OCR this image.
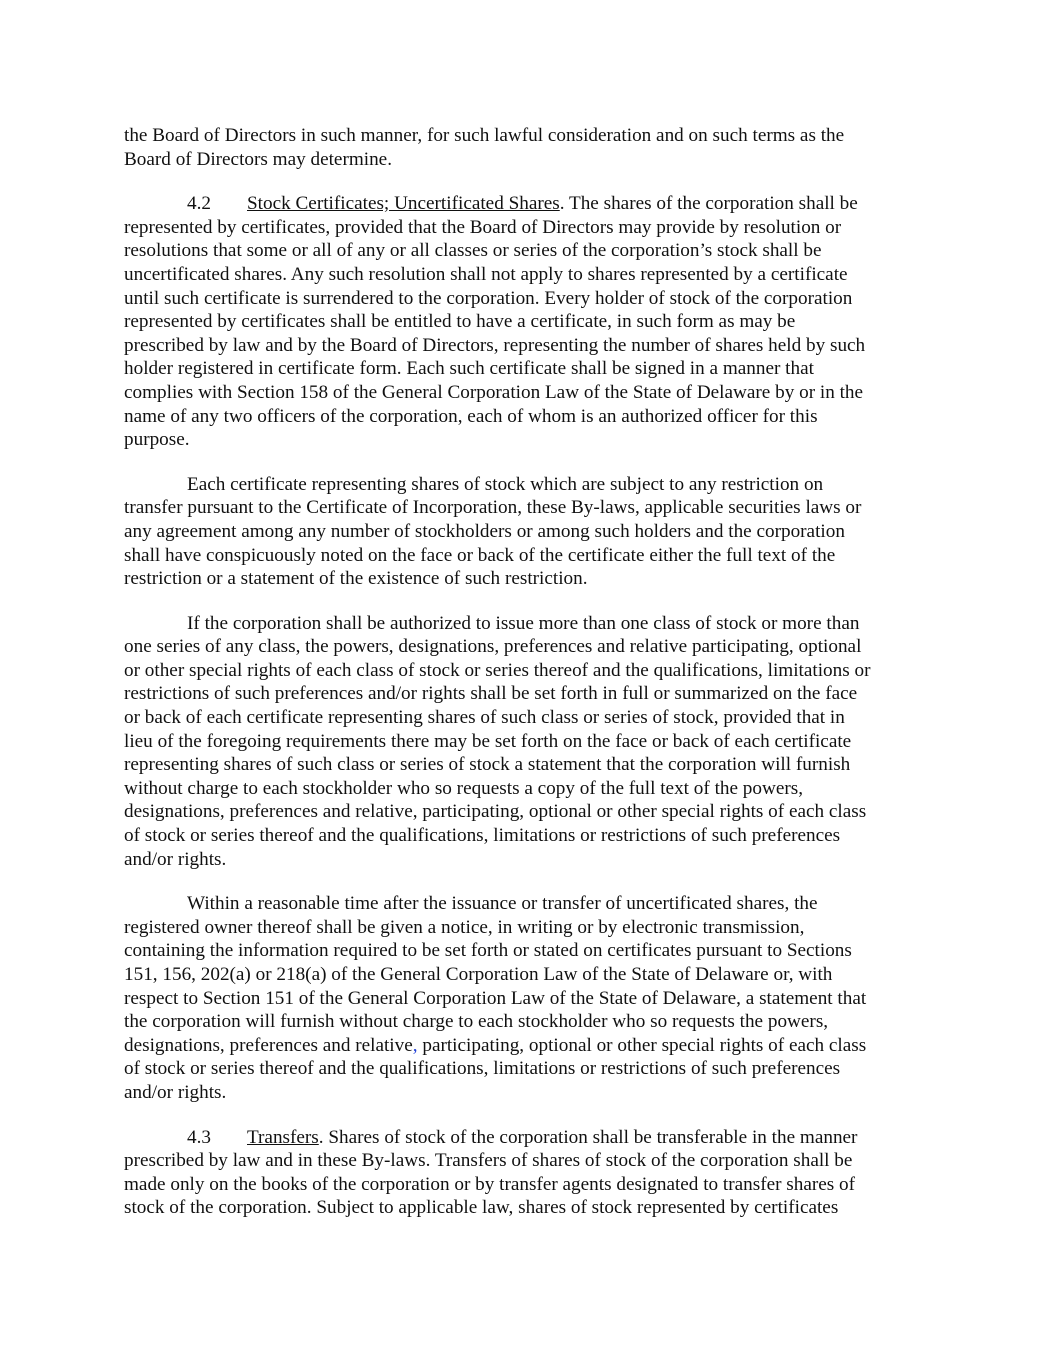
the Board of Directors in such manner, for such lawful consideration and on such terms as the
Board of Directors may determine.
4.2 Stock Certificates; Uncertificated Shares. The shares of the corporation shall be
represented by certificates, provided that the Board of Directors may provide by resolution or
resolutions that some or all of any or all classes or series of the corporation’s stock shall be
uncertificated shares. Any such resolution shall not apply to shares represented by a certificate
until such certificate is surrendered to the corporation. Every holder of stock of the corporation
represented by certificates shall be entitled to have a certificate, in such form as may be
prescribed by law and by the Board of Directors, representing the number of shares held by such
holder registered in certificate form. Each such certificate shall be signed in a manner that
complies with Section 158 of the General Corporation Law of the State of Delaware by or in the
name of any two officers of the corporation, each of whom is an authorized officer for this
purpose.
Each certificate representing shares of stock which are subject to any restriction on
transfer pursuant to the Certificate of Incorporation, these By-laws, applicable securities laws or
any agreement among any number of stockholders or among such holders and the corporation
shall have conspicuously noted on the face or back of the certificate either the full text of the
restriction or a statement of the existence of such restriction.
If the corporation shall be authorized to issue more than one class of stock or more than
one series of any class, the powers, designations, preferences and relative participating, optional
or other special rights of each class of stock or series thereof and the qualifications, limitations or
restrictions of such preferences and/or rights shall be set forth in full or summarized on the face
or back of each certificate representing shares of such class or series of stock, provided that in
lieu of the foregoing requirements there may be set forth on the face or back of each certificate
representing shares of such class or series of stock a statement that the corporation will furnish
without charge to each stockholder who so requests a copy of the full text of the powers,
designations, preferences and relative, participating, optional or other special rights of each class
of stock or series thereof and the qualifications, limitations or restrictions of such preferences
and/or rights.
Within a reasonable time after the issuance or transfer of uncertificated shares, the
registered owner thereof shall be given a notice, in writing or by electronic transmission,
containing the information required to be set forth or stated on certificates pursuant to Sections
151, 156, 202(a) or 218(a) of the General Corporation Law of the State of Delaware or, with
respect to Section 151 of the General Corporation Law of the State of Delaware, a statement that
the corporation will furnish without charge to each stockholder who so requests the powers,
designations, preferences and relative, participating, optional or other special rights of each class
of stock or series thereof and the qualifications, limitations or restrictions of such preferences
and/or rights.
4.3 Transfers. Shares of stock of the corporation shall be transferable in the manner
prescribed by law and in these By-laws. Transfers of shares of stock of the corporation shall be
made only on the books of the corporation or by transfer agents designated to transfer shares of
stock of the corporation. Subject to applicable law, shares of stock represented by certificates
